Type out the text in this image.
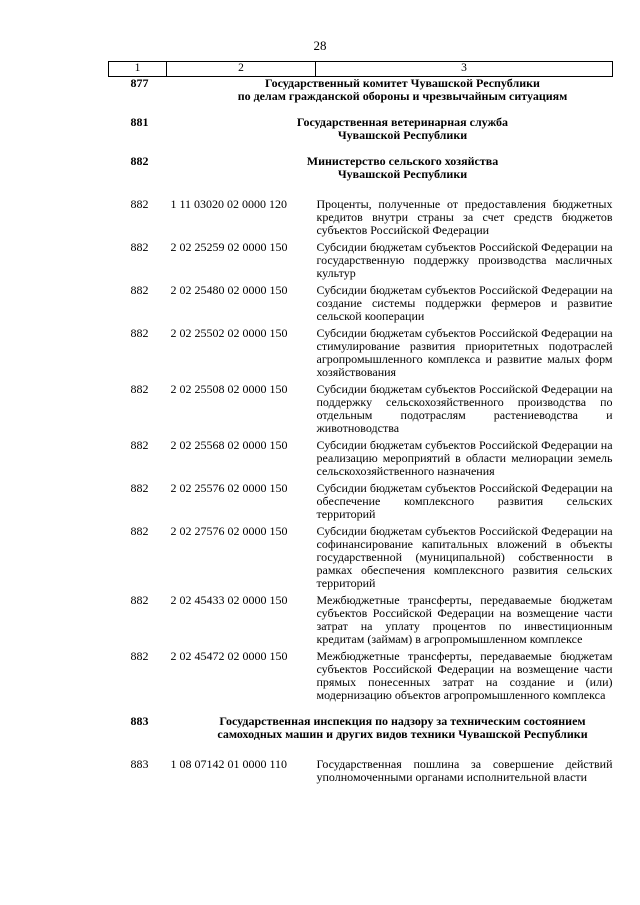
28
1	2	3
877	Государственный комитет Чувашской Республики
по делам гражданской обороны и чрезвычайным ситуациям	

881	Государственная ветеринарная служба
Чувашской Республики	

882	Министерство сельского хозяйства
Чувашской Республики	

882	1 11 03020 02 0000 120	Проценты, полученные от предоставления бюджетных кредитов внутри страны за счет средств бюджетов субъектов Российской Федерации
882	2 02 25259 02 0000 150	Субсидии бюджетам субъектов Российской Федерации на государственную поддержку производства масличных культур
882	2 02 25480 02 0000 150	Субсидии бюджетам субъектов Российской Федерации на создание системы поддержки фермеров и развитие сельской кооперации
882	2 02 25502 02 0000 150	Субсидии бюджетам субъектов Российской Федерации на стимулирование развития приоритетных подотраслей агропромышленного комплекса и развитие малых форм хозяйствования
882	2 02 25508 02 0000 150	Субсидии бюджетам субъектов Российской Федерации на поддержку сельскохозяйственного производства по отдельным подотраслям растениеводства и животноводства
882	2 02 25568 02 0000 150	Субсидии бюджетам субъектов Российской Федерации на реализацию мероприятий в области мелиорации земель сельскохозяйственного назначения
882	2 02 25576 02 0000 150	Субсидии бюджетам субъектов Российской Федерации на обеспечение комплексного развития сельских территорий
882	2 02 27576 02 0000 150	Субсидии бюджетам субъектов Российской Федерации на софинансирование капитальных вложений в объекты государственной (муниципальной) собственности в рамках обеспечения комплексного развития сельских территорий
882	2 02 45433 02 0000 150	Межбюджетные трансферты, передаваемые бюджетам субъектов Российской Федерации на возмещение части затрат на уплату процентов по инвестиционным кредитам (займам) в агропромышленном комплексе
882	2 02 45472 02 0000 150	Межбюджетные трансферты, передаваемые бюджетам субъектов Российской Федерации на возмещение части прямых понесенных затрат на создание и (или) модернизацию объектов агропромышленного комплекса

883	Государственная инспекция по надзору за техническим состоянием
самоходных машин и других видов техники Чувашской Республики	

883	1 08 07142 01 0000 110	Государственная пошлина за совершение действий уполномоченными органами исполнительной власти
